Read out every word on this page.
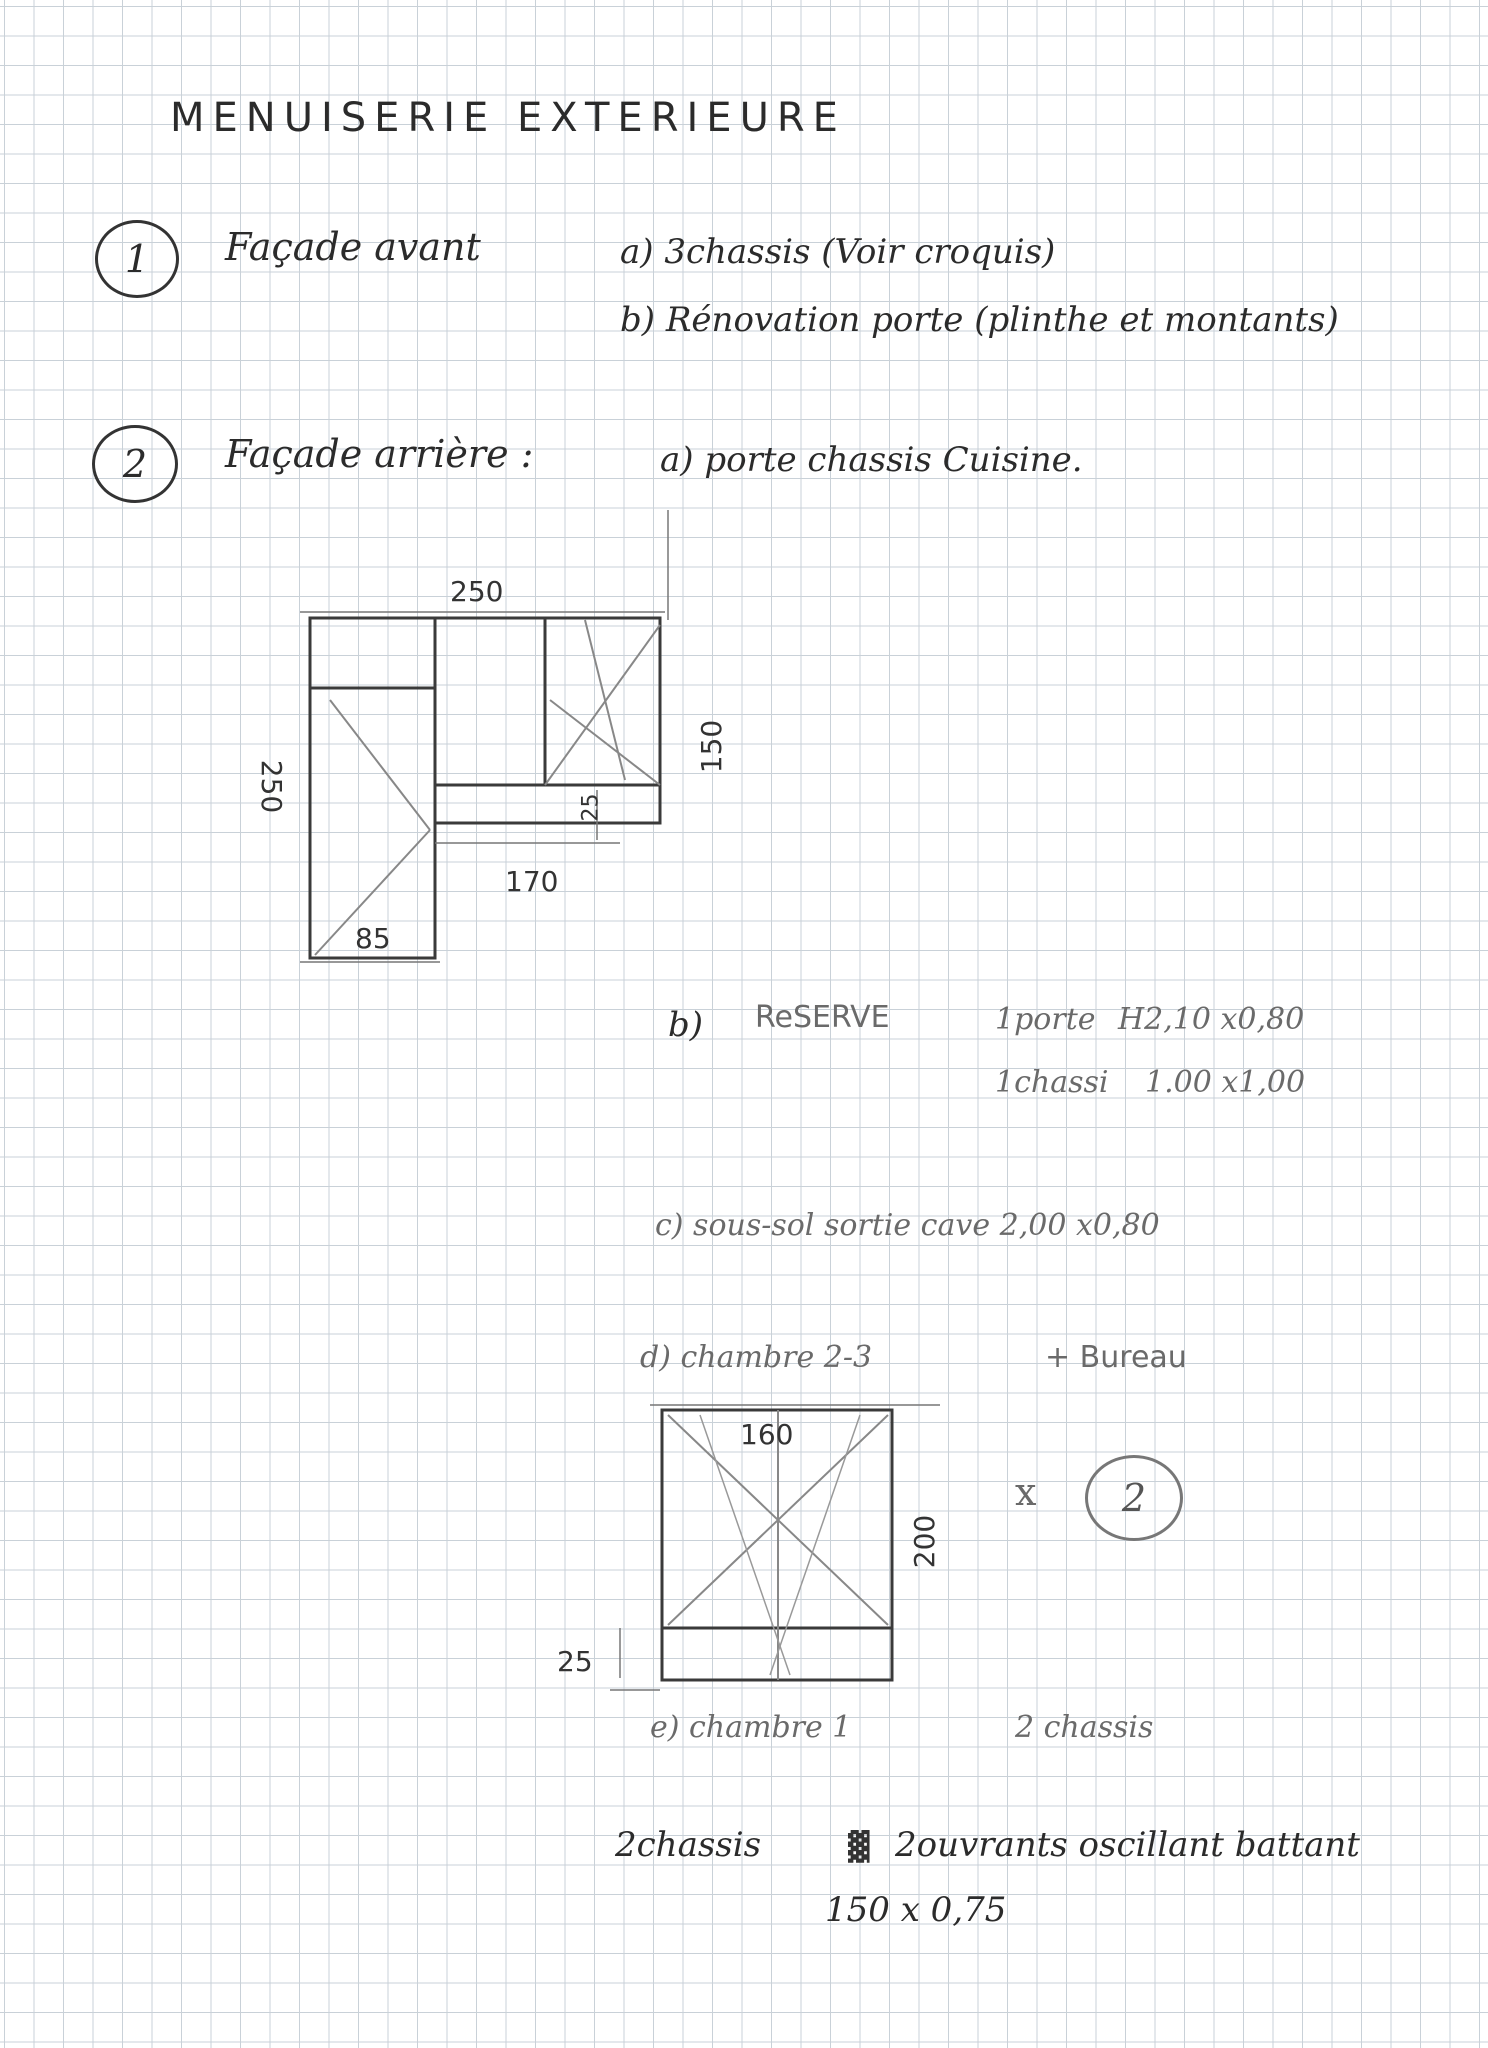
MENUISERIE EXTERIEURE
1	Façade avant	a) 3chassis (Voir croquis)
b) Rénovation porte (plinthe et montants)
2	Façade arrière :	a) porte chassis Cuisine.
250
250
150
25
170
85
b) ReSERVE	1porte H2,10 x0,80
1chassi 1.00 x1,00
c) sous-sol sortie cave 2,00 x0,80
d) chambre 2-3	+ Bureau
160
200
25
x	2
e) chambre 1	2 chassis
2chassis	▓ 2ouvrants oscillant battant
150 x 0,75
